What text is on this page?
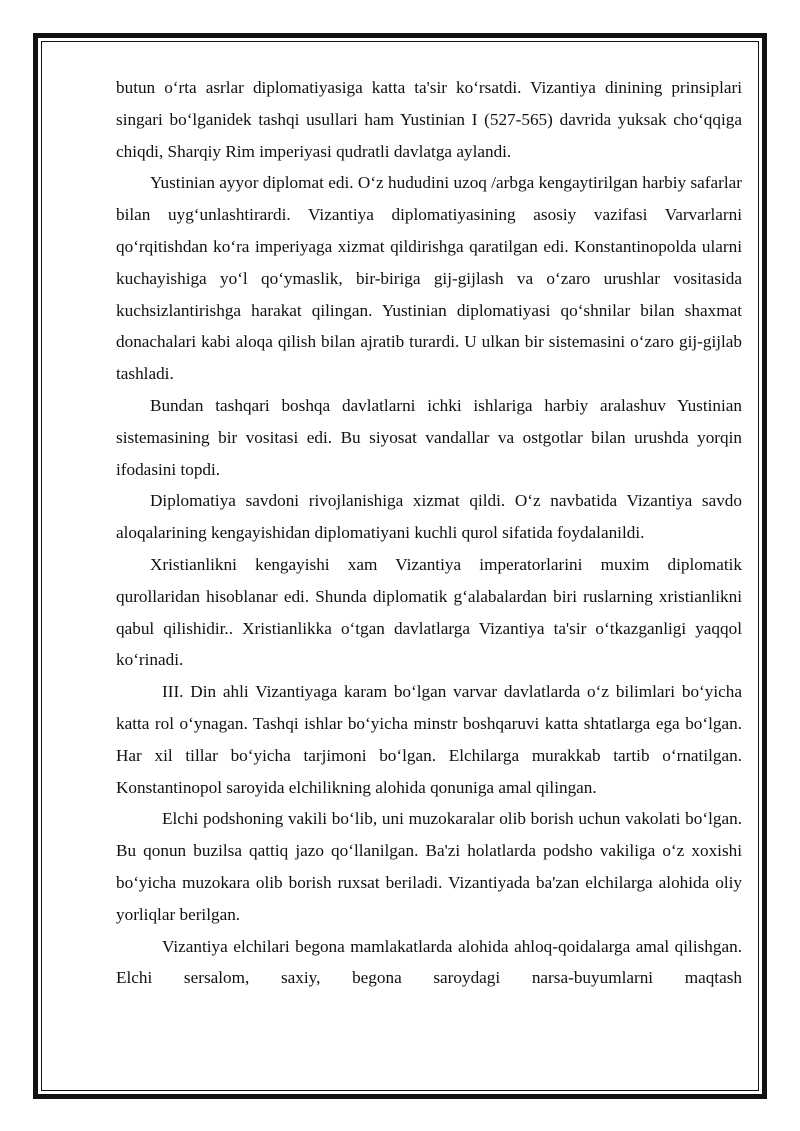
butun o‘rta asrlar diplomatiyasiga katta ta'sir ko‘rsatdi. Vizantiya dinining prinsiplari singari bo‘lganidek tashqi usullari ham Yustinian I (527-565) davrida yuksak cho‘qqiga chiqdi, Sharqiy Rim imperiyasi qudratli davlatga aylandi.

Yustinian ayyor diplomat edi. O‘z hududini uzoq /arbga kengaytirilgan harbiy safarlar bilan uyg‘unlashtirardi. Vizantiya diplomatiyasining asosiy vazifasi Varvarlarni qo‘rqitishdan ko‘ra imperiyaga xizmat qildirishga qaratilgan edi. Konstantinopolda ularni kuchayishiga yo‘l qo‘ymaslik, bir-biriga gij-gijlash va o‘zaro urushlar vositasida kuchsizlantirishga harakat qilingan. Yustinian diplomatiyasi qo‘shnilar bilan shaxmat donachalari kabi aloqa qilish bilan ajratib turardi. U ulkan bir sistemasini o‘zaro gij-gijlab tashladi.

Bundan tashqari boshqa davlatlarni ichki ishlariga harbiy aralashuv Yustinian sistemasining bir vositasi edi. Bu siyosat vandallar va ostgotlar bilan urushda yorqin ifodasini topdi.

Diplomatiya savdoni rivojlanishiga xizmat qildi. O‘z navbatida Vizantiya savdo aloqalarining kengayishidan diplomatiyani kuchli qurol sifatida foydalanildi.

Xristianlikni kengayishi xam Vizantiya imperatorlarini muxim diplomatik qurollaridan hisoblanar edi. Shunda diplomatik g‘alabalardan biri ruslarning xristianlikni qabul qilishidir.. Xristianlikka o‘tgan davlatlarga Vizantiya ta'sir o‘tkazganligi yaqqol ko‘rinadi.

III. Din ahli Vizantiyaga karam bo‘lgan varvar davlatlarda o‘z bilimlari bo‘yicha katta rol o‘ynagan. Tashqi ishlar bo‘yicha minstr boshqaruvi katta shtatlarga ega bo‘lgan. Har xil tillar bo‘yicha tarjimoni bo‘lgan. Elchilarga murakkab tartib o‘rnatilgan. Konstantinopol saroyida elchilikning alohida qonuniga amal qilingan.

Elchi podshoning vakili bo‘lib, uni muzokaralar olib borish uchun vakolati bo‘lgan. Bu qonun buzilsa qattiq jazo qo‘llanilgan. Ba'zi holatlarda podsho vakiliga o‘z xoxishi bo‘yicha muzokara olib borish ruxsat beriladi. Vizantiyada ba'zan elchilarga alohida oliy yorliqlar berilgan.

Vizantiya elchilari begona mamlakatlarda alohida ahloq-qoidalarga amal qilishgan. Elchi sersalom, saxiy, begona saroydagi narsa-buyumlarni maqtash
